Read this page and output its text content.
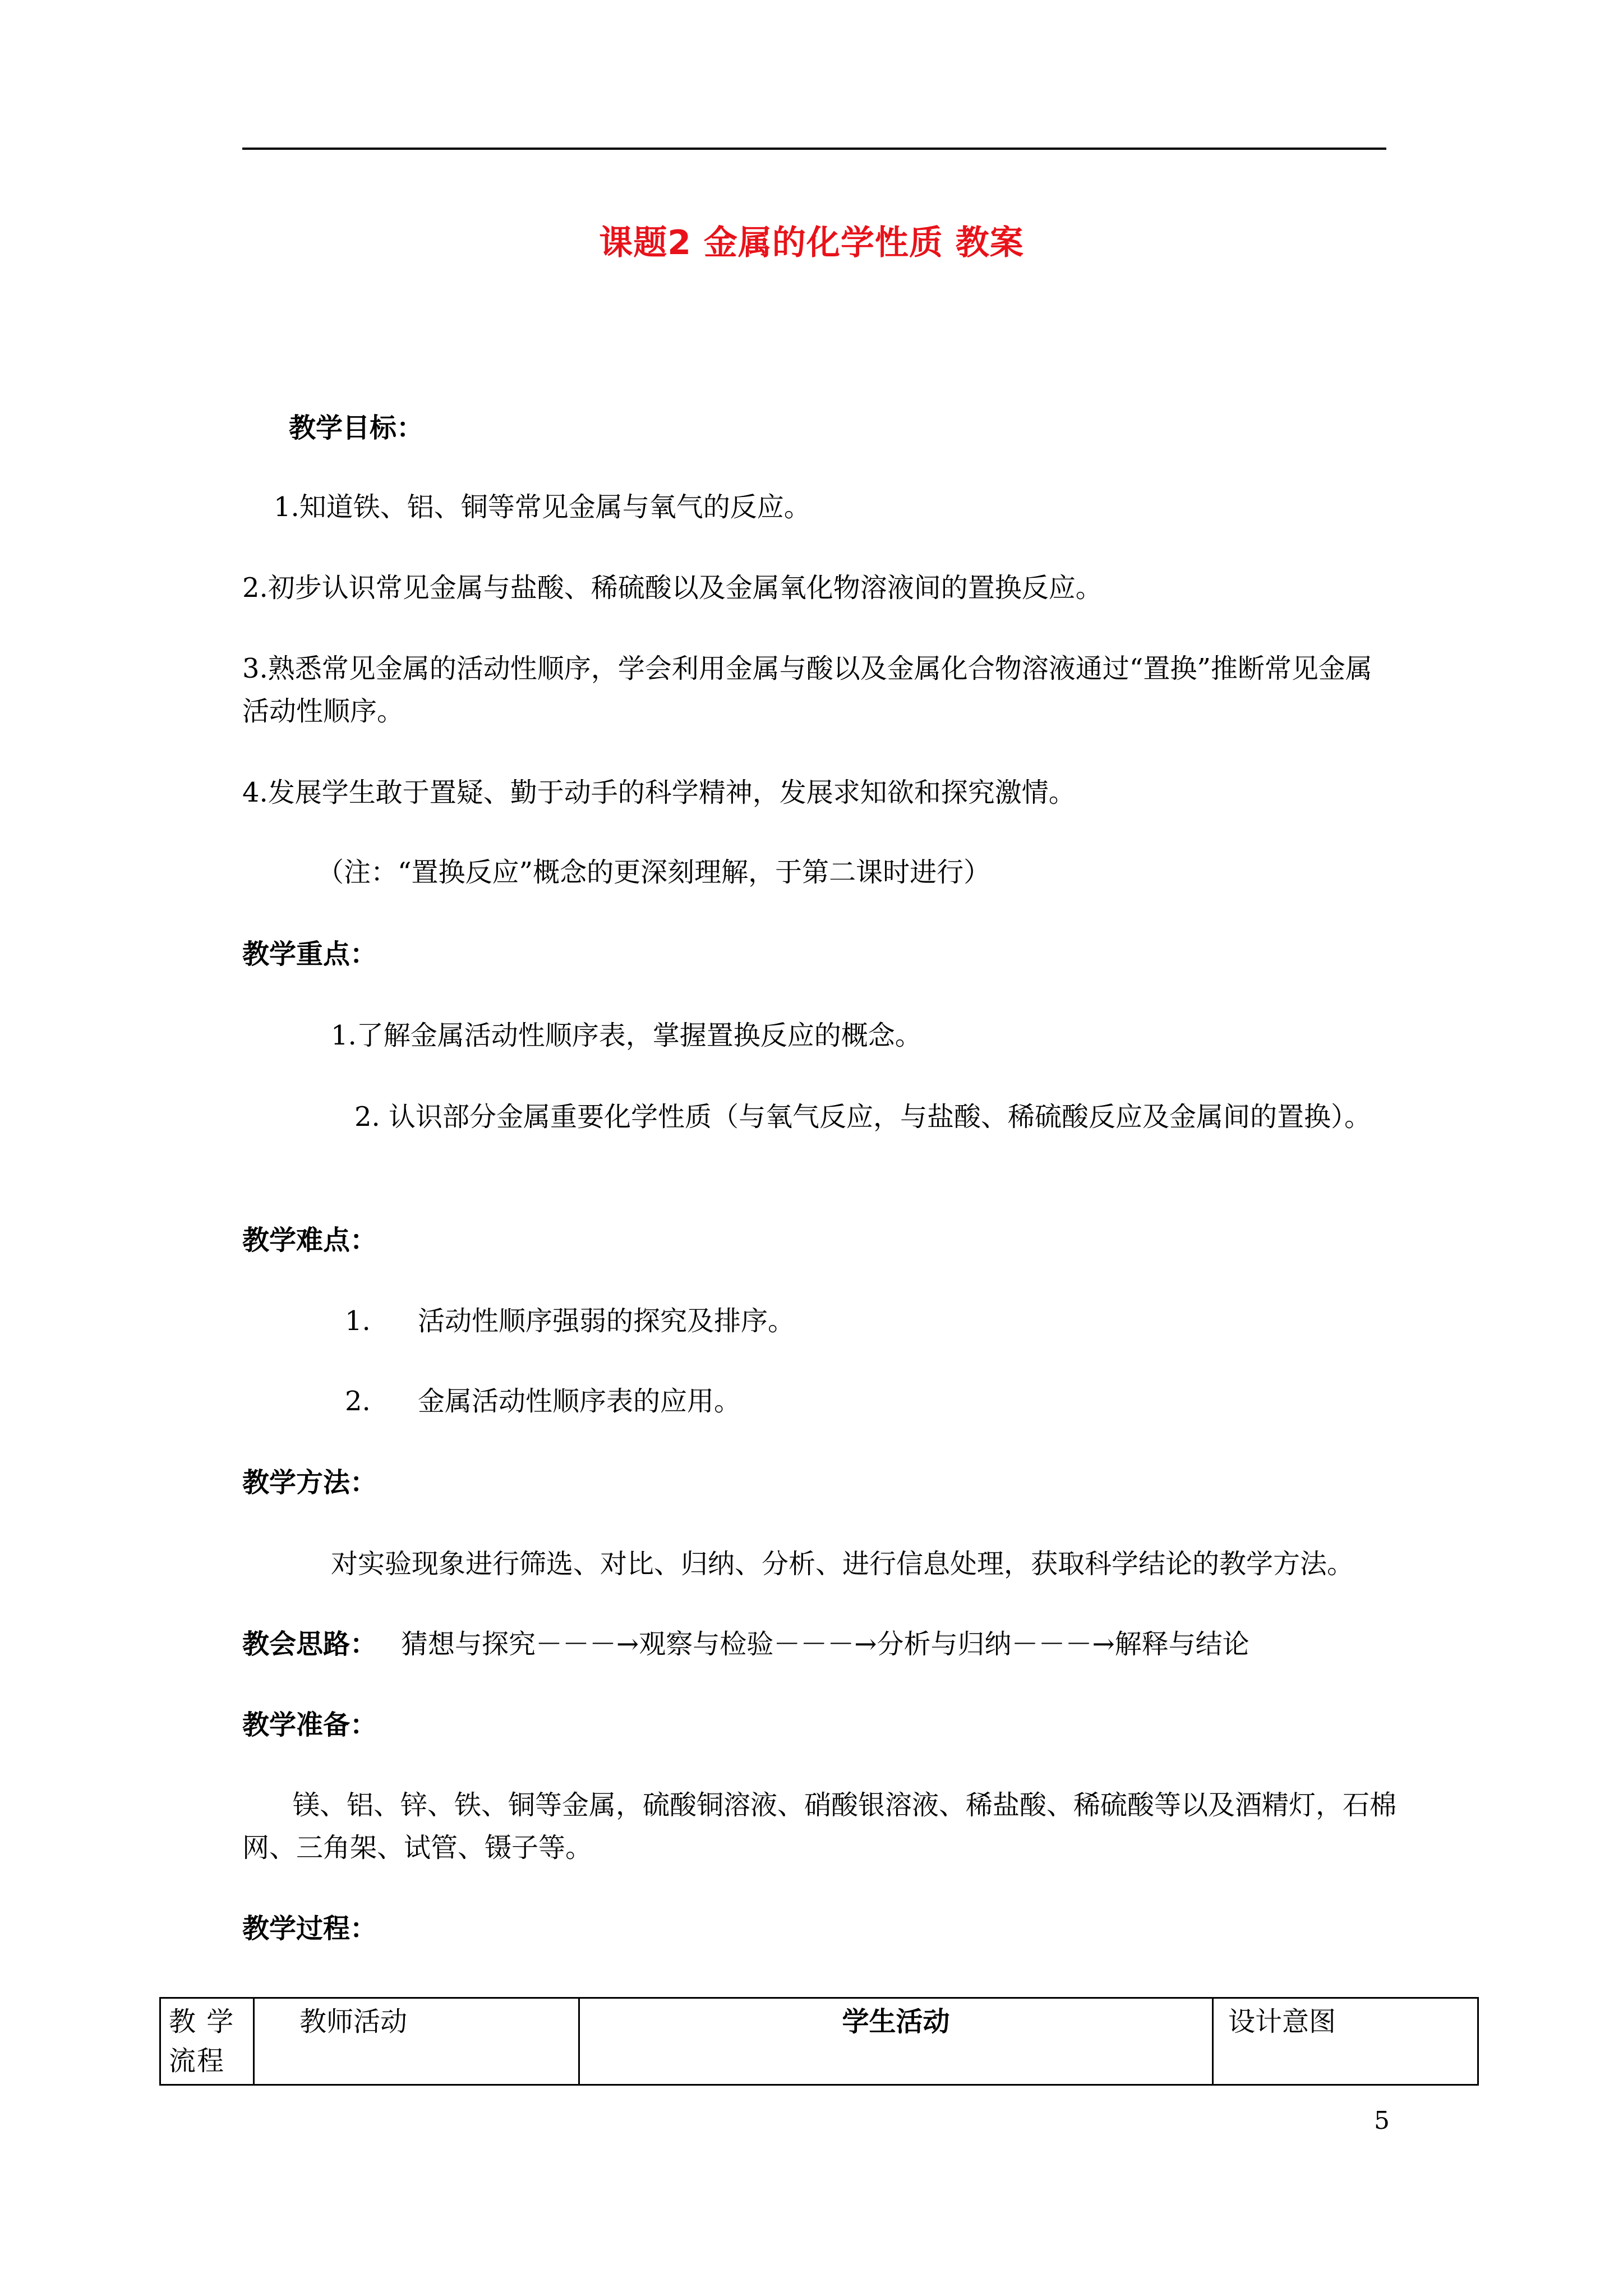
课题2 金属的化学性质 教案
教学目标：
1.知道铁、铝、铜等常见金属与氧气的反应。
2.初步认识常见金属与盐酸、稀硫酸以及金属氧化物溶液间的置换反应。
3.熟悉常见金属的活动性顺序，学会利用金属与酸以及金属化合物溶液通过“置换”推断常见金属活动性顺序。
4.发展学生敢于置疑、勤于动手的科学精神，发展求知欲和探究激情。
（注：“置换反应”概念的更深刻理解，于第二课时进行）
教学重点：
1.了解金属活动性顺序表，掌握置换反应的概念。
2. 认识部分金属重要化学性质（与氧气反应，与盐酸、稀硫酸反应及金属间的置换）。
教学难点：
1. 活动性顺序强弱的探究及排序。
2. 金属活动性顺序表的应用。
教学方法：
对实验现象进行筛选、对比、归纳、分析、进行信息处理，获取科学结论的教学方法。
教会思路： 猜想与探究－－－→观察与检验－－－→分析与归纳－－－→解释与结论
教学准备：
镁、铝、锌、铁、铜等金属，硫酸铜溶液、硝酸银溶液、稀盐酸、稀硫酸等以及酒精灯，石棉网、三角架、试管、镊子等。
教学过程：
教 学 流程	教师活动	学生活动	设计意图
5
